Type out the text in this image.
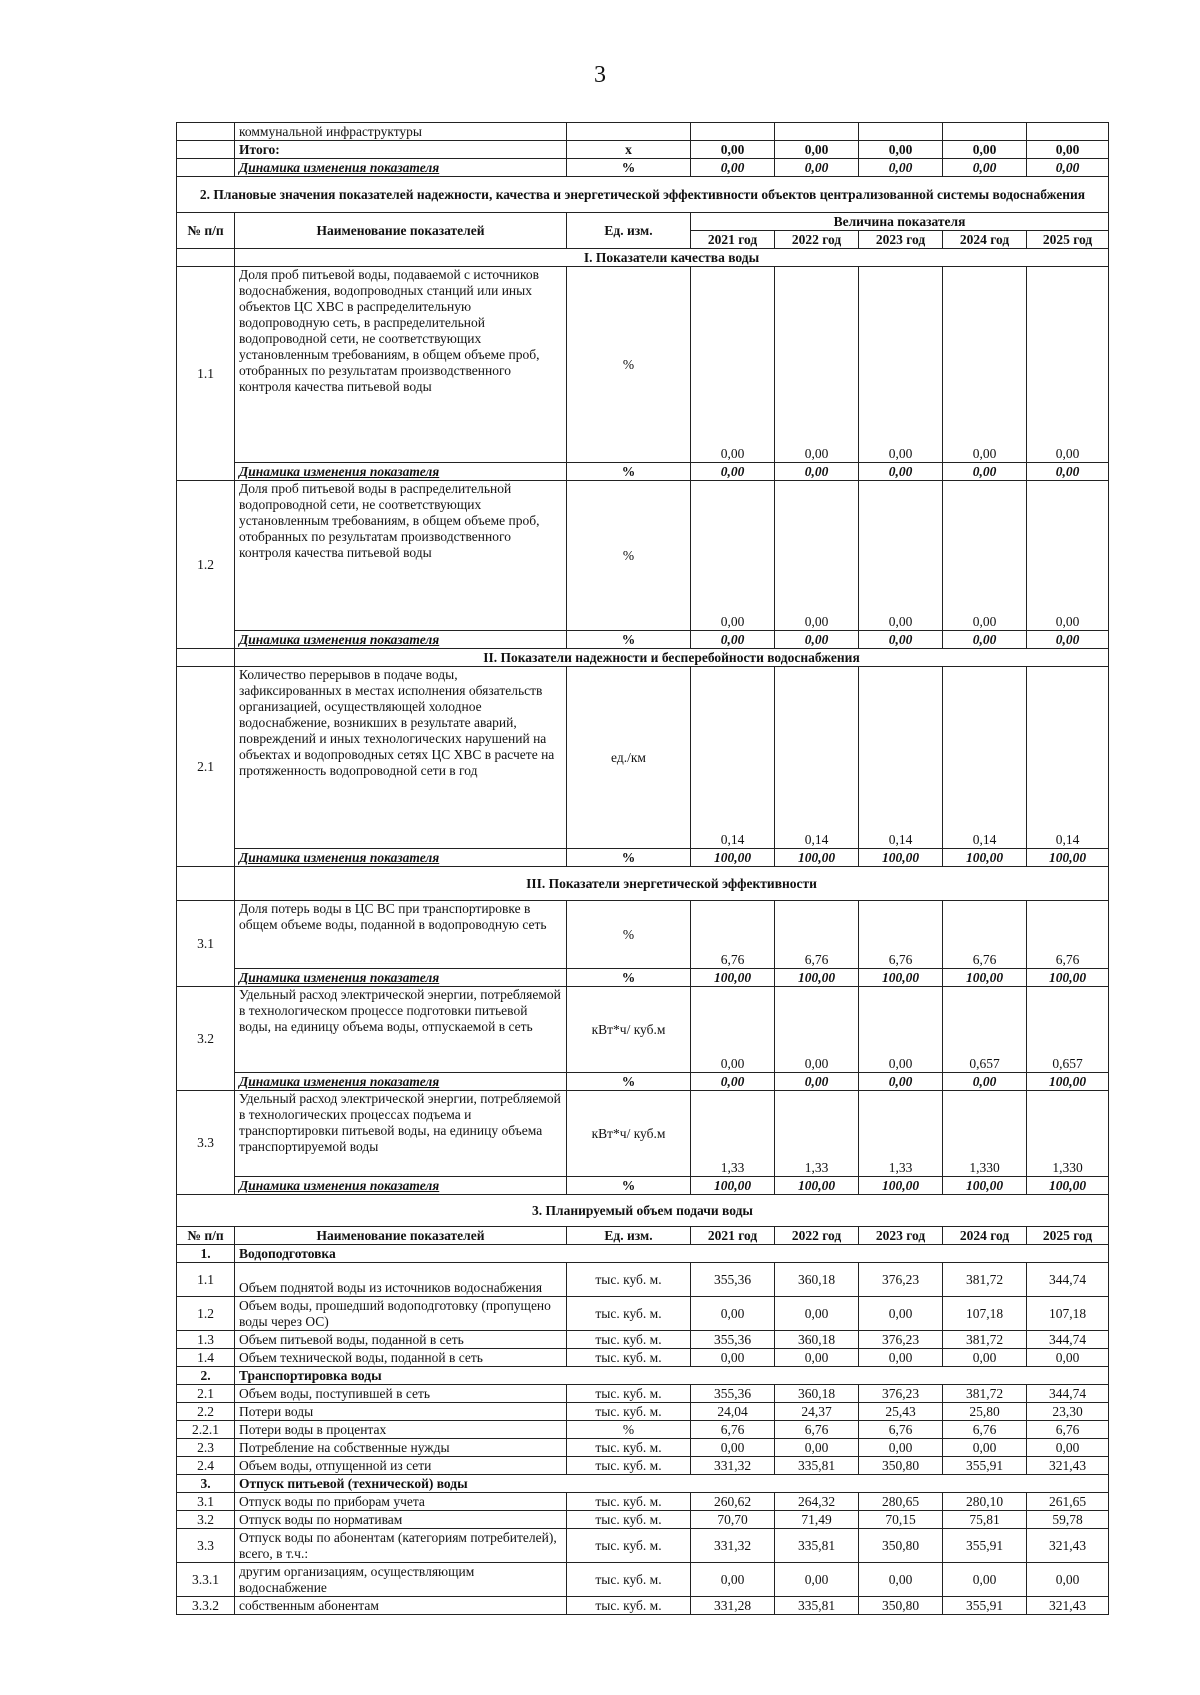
3
	коммунальной инфраструктуры						
	Итого:	х	0,00	0,00	0,00	0,00	0,00
	Динамика изменения показателя	%	0,00	0,00	0,00	0,00	0,00
2. Плановые значения показателей надежности, качества и энергетической эффективности объектов централизованной системы водоснабжения							
№ п/п	Наименование показателей	Ед. изм.	Величина показателя				
			2021 год	2022 год	2023 год	2024 год	2025 год
	I. Показатели качества воды						
1.1	Доля проб питьевой воды, подаваемой с источников водоснабжения, водопроводных станций или иных объектов ЦС ХВС в распределительную водопроводную сеть, в распределительной водопроводной сети, не соответствующих установленным требованиям, в общем объеме проб, отобранных по результатам производственного контроля качества питьевой воды	%	0,00	0,00	0,00	0,00	0,00
	Динамика изменения показателя	%	0,00	0,00	0,00	0,00	0,00
1.2	Доля проб питьевой воды в распределительной водопроводной сети, не соответствующих установленным требованиям, в общем объеме проб, отобранных по результатам производственного контроля качества питьевой воды	%	0,00	0,00	0,00	0,00	0,00
	Динамика изменения показателя	%	0,00	0,00	0,00	0,00	0,00
	II. Показатели надежности и бесперебойности водоснабжения						
2.1	Количество перерывов в подаче воды, зафиксированных в местах исполнения обязательств организацией, осуществляющей холодное водоснабжение, возникших в результате аварий, повреждений и иных технологических нарушений на объектах и водопроводных сетях ЦС ХВС в расчете на протяженность водопроводной сети в год	ед./км	0,14	0,14	0,14	0,14	0,14
	Динамика изменения показателя	%	100,00	100,00	100,00	100,00	100,00
	III. Показатели энергетической эффективности						
3.1	Доля потерь воды в ЦС ВС при транспортировке в общем объеме воды, поданной в водопроводную сеть	%	6,76	6,76	6,76	6,76	6,76
	Динамика изменения показателя	%	100,00	100,00	100,00	100,00	100,00
3.2	Удельный расход электрической энергии, потребляемой в технологическом процессе подготовки питьевой воды, на единицу объема воды, отпускаемой в сеть	кВт*ч/ куб.м	0,00	0,00	0,00	0,657	0,657
	Динамика изменения показателя	%	0,00	0,00	0,00	0,00	100,00
3.3	Удельный расход электрической энергии, потребляемой в технологических процессах подъема и транспортировки питьевой воды, на единицу объема транспортируемой воды	кВт*ч/ куб.м	1,33	1,33	1,33	1,330	1,330
	Динамика изменения показателя	%	100,00	100,00	100,00	100,00	100,00
3. Планируемый объем подачи воды							
№ п/п	Наименование показателей	Ед. изм.	2021 год	2022 год	2023 год	2024 год	2025 год
1.	Водоподготовка						
1.1	Объем поднятой воды из источников водоснабжения	тыс. куб. м.	355,36	360,18	376,23	381,72	344,74
1.2	Объем воды, прошедший водоподготовку (пропущено воды через ОС)	тыс. куб. м.	0,00	0,00	0,00	107,18	107,18
1.3	Объем питьевой воды, поданной в сеть	тыс. куб. м.	355,36	360,18	376,23	381,72	344,74
1.4	Объем технической воды, поданной в сеть	тыс. куб. м.	0,00	0,00	0,00	0,00	0,00
2.	Транспортировка воды						
2.1	Объем воды, поступившей в сеть	тыс. куб. м.	355,36	360,18	376,23	381,72	344,74
2.2	Потери воды	тыс. куб. м.	24,04	24,37	25,43	25,80	23,30
2.2.1	Потери воды в процентах	%	6,76	6,76	6,76	6,76	6,76
2.3	Потребление на собственные нужды	тыс. куб. м.	0,00	0,00	0,00	0,00	0,00
2.4	Объем воды, отпущенной из сети	тыс. куб. м.	331,32	335,81	350,80	355,91	321,43
3.	Отпуск питьевой (технической) воды						
3.1	Отпуск воды по приборам учета	тыс. куб. м.	260,62	264,32	280,65	280,10	261,65
3.2	Отпуск воды по нормативам	тыс. куб. м.	70,70	71,49	70,15	75,81	59,78
3.3	Отпуск воды по абонентам (категориям потребителей), всего, в т.ч.:	тыс. куб. м.	331,32	335,81	350,80	355,91	321,43
3.3.1	другим организациям, осуществляющим водоснабжение	тыс. куб. м.	0,00	0,00	0,00	0,00	0,00
3.3.2	собственным абонентам	тыс. куб. м.	331,28	335,81	350,80	355,91	321,43
